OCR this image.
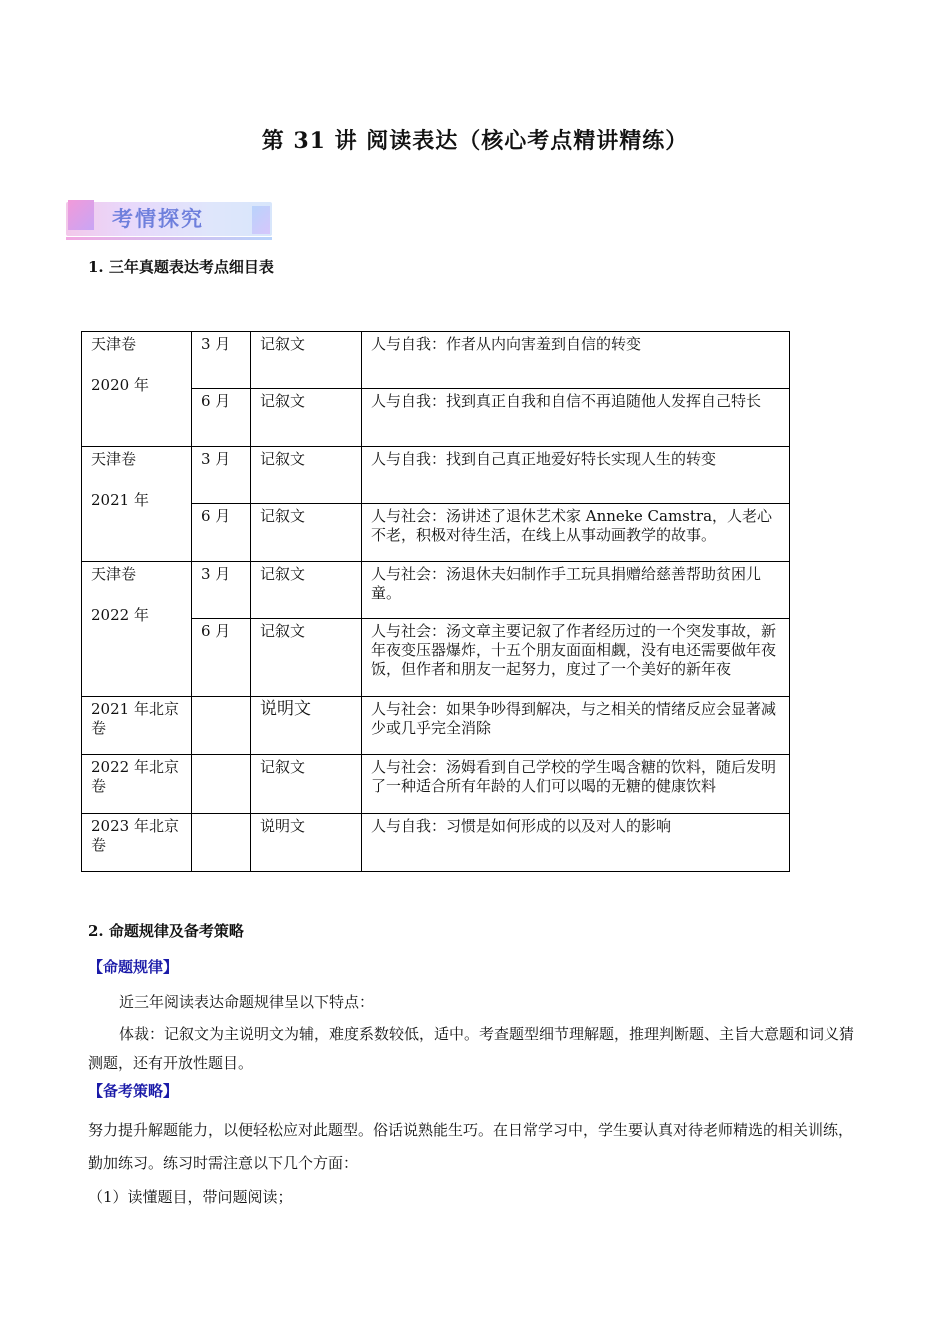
第 31 讲 阅读表达（核心考点精讲精练）
考情探究
1. 三年真题表达考点细目表
天津卷
2020 年	3 月	记叙文	人与自我：作者从内向害羞到自信的转变
	6 月	记叙文	人与自我：找到真正自我和自信不再追随他人发挥自己特长
天津卷
2021 年	3 月	记叙文	人与自我：找到自己真正地爱好特长实现人生的转变
	6 月	记叙文	人与社会：汤讲述了退休艺术家 Anneke Camstra，人老心不老，积极对待生活，在线上从事动画教学的故事。
天津卷
2022 年	3 月	记叙文	人与社会：汤退休夫妇制作手工玩具捐赠给慈善帮助贫困儿童。
	6 月	记叙文	人与社会：汤文章主要记叙了作者经历过的一个突发事故，新年夜变压器爆炸，十五个朋友面面相觑，没有电还需要做年夜饭，但作者和朋友一起努力，度过了一个美好的新年夜
2021 年北京卷		说明文	人与社会：如果争吵得到解决，与之相关的情绪反应会显著减少或几乎完全消除
2022 年北京卷		记叙文	人与社会：汤姆看到自己学校的学生喝含糖的饮料，随后发明了一种适合所有年龄的人们可以喝的无糖的健康饮料
2023 年北京卷		说明文	人与自我：习惯是如何形成的以及对人的影响
2. 命题规律及备考策略
【命题规律】
近三年阅读表达命题规律呈以下特点：
体裁：记叙文为主说明文为辅，难度系数较低，适中。考查题型细节理解题，推理判断题、主旨大意题和词义猜测题，还有开放性题目。
【备考策略】
努力提升解题能力，以便轻松应对此题型。俗话说熟能生巧。在日常学习中，学生要认真对待老师精选的相关训练，勤加练习。练习时需注意以下几个方面：
（1）读懂题目，带问题阅读；
